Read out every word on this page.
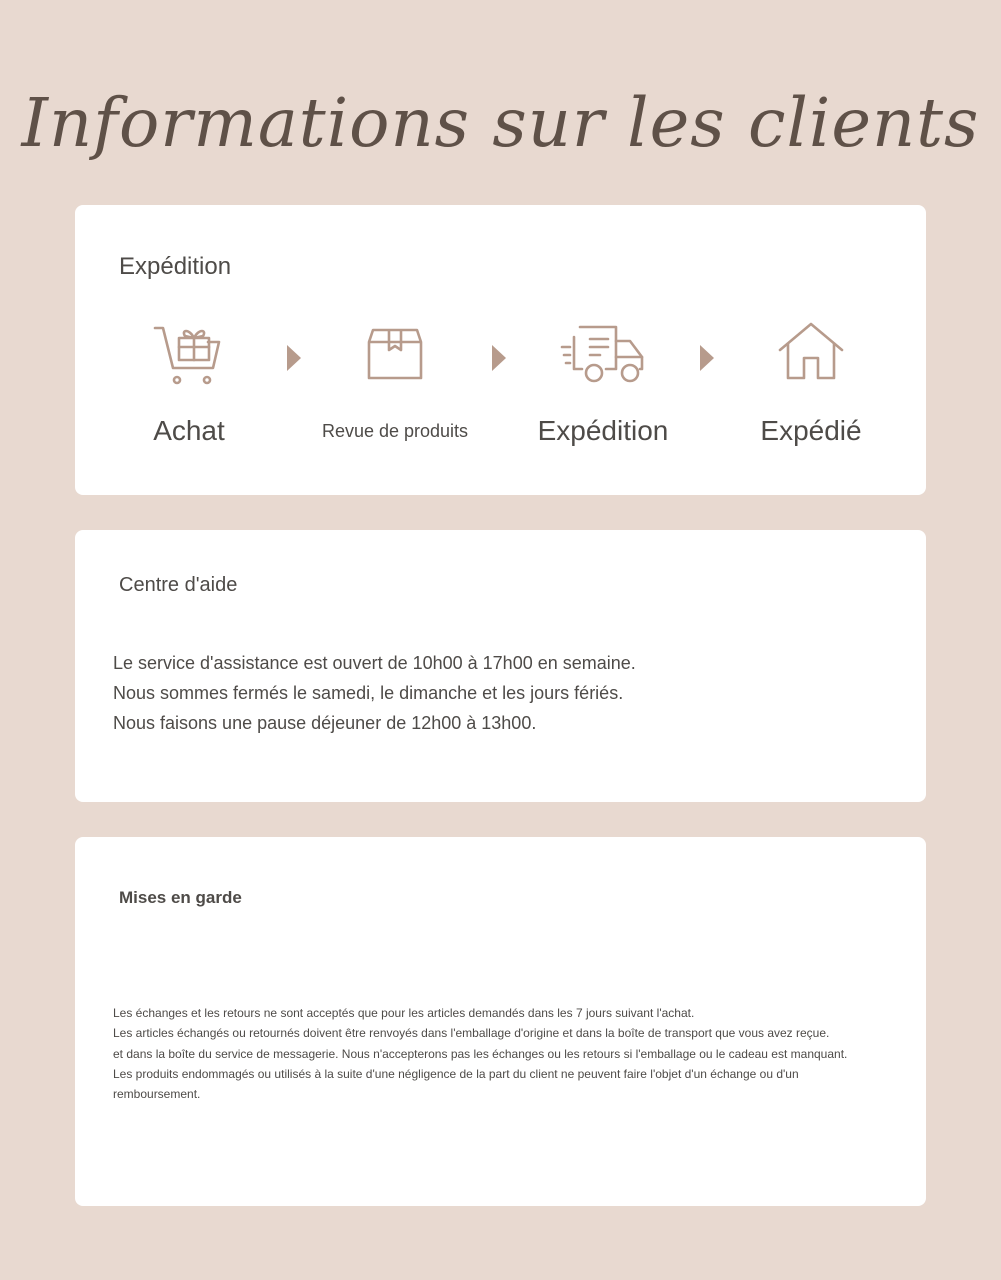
Informations sur les clients
Expédition
Achat	Revue de produits	Expédition	Expédié
Centre d'aide
Le service d'assistance est ouvert de 10h00 à 17h00 en semaine.
Nous sommes fermés le samedi, le dimanche et les jours fériés.
Nous faisons une pause déjeuner de 12h00 à 13h00.
Mises en garde
Les échanges et les retours ne sont acceptés que pour les articles demandés dans les 7 jours suivant l'achat.
Les articles échangés ou retournés doivent être renvoyés dans l'emballage d'origine et dans la boîte de transport que vous avez reçue.
et dans la boîte du service de messagerie. Nous n'accepterons pas les échanges ou les retours si l'emballage ou le cadeau est manquant.
Les produits endommagés ou utilisés à la suite d'une négligence de la part du client ne peuvent faire l'objet d'un échange ou d'un
remboursement.
